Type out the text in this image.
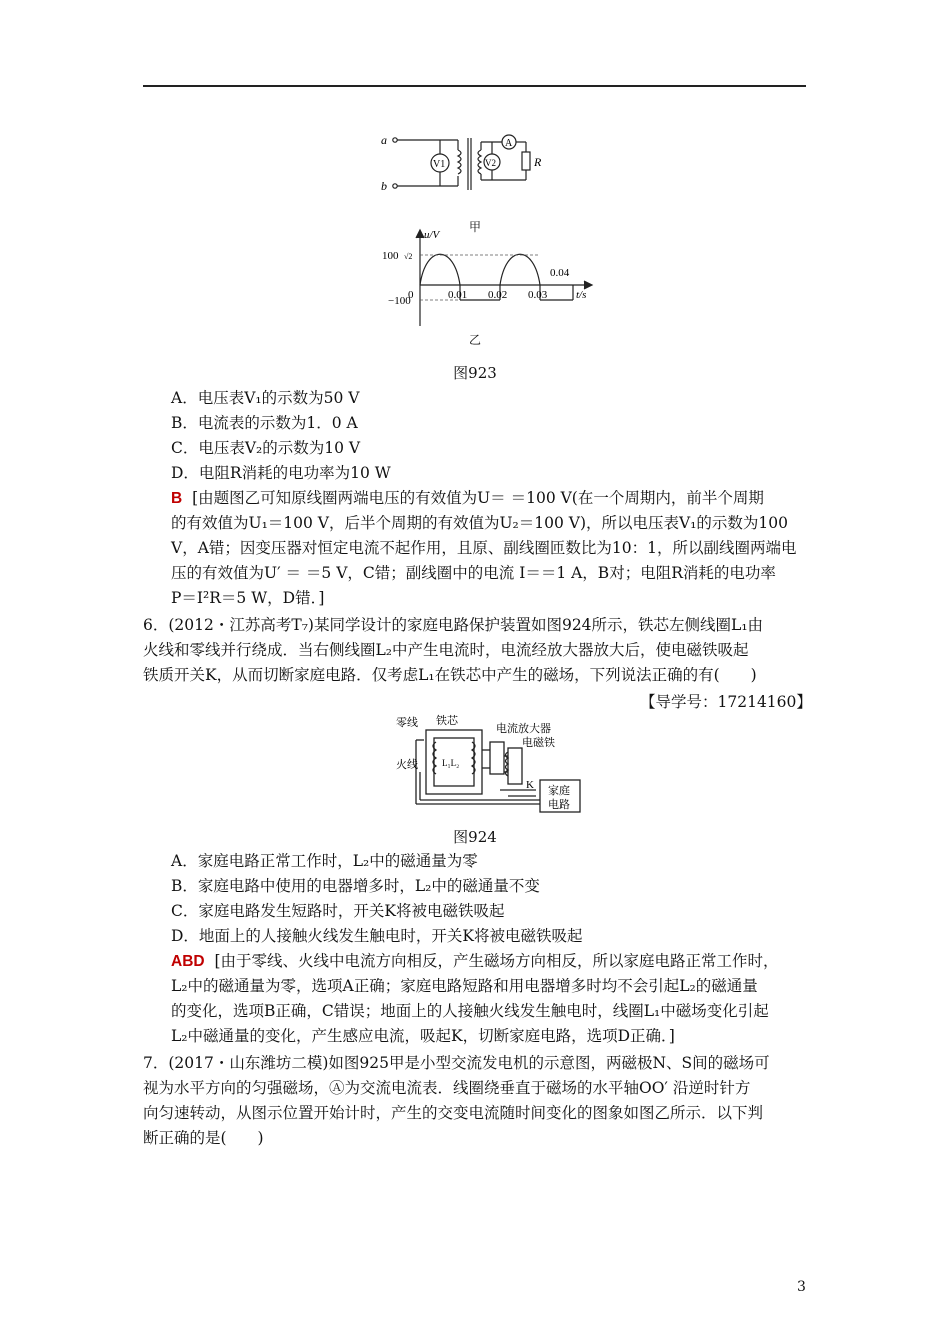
a
b
V1	V2
A
R
甲
u/V
100 √2
−100
0	0.01 0.02 0.03
0.04
t/s
乙
图923
A．电压表V₁的示数为50 V
B．电流表的示数为1．0 A
C．电压表V₂的示数为10 V
D．电阻R消耗的电功率为10 W
B [由题图乙可知原线圈两端电压的有效值为U＝ ＝100 V(在一个周期内，前半个周期
的有效值为U₁＝100 V，后半个周期的有效值为U₂＝100 V)，所以电压表V₁的示数为100
V，A错；因变压器对恒定电流不起作用，且原、副线圈匝数比为10：1，所以副线圈两端电
压的有效值为U′ ＝ ＝5 V，C错；副线圈中的电流 I＝＝1 A，B对；电阻R消耗的电功率
P＝I²R＝5 W，D错．]
6．(2012・江苏高考T₇)某同学设计的家庭电路保护装置如图924所示，铁芯左侧线圈L₁由
火线和零线并行绕成．当右侧线圈L₂中产生电流时，电流经放大器放大后，使电磁铁吸起
铁质开关K，从而切断家庭电路．仅考虑L₁在铁芯中产生的磁场，下列说法正确的有(　　)
【导学号：17214160】
零线 铁芯
电流放大器
电磁铁
火线	L₁L₂
K 家庭
电路
图924
A．家庭电路正常工作时，L₂中的磁通量为零
B．家庭电路中使用的电器增多时，L₂中的磁通量不变
C．家庭电路发生短路时，开关K将被电磁铁吸起
D．地面上的人接触火线发生触电时，开关K将被电磁铁吸起
ABD [由于零线、火线中电流方向相反，产生磁场方向相反，所以家庭电路正常工作时，
L₂中的磁通量为零，选项A正确；家庭电路短路和用电器增多时均不会引起L₂的磁通量
的变化，选项B正确，C错误；地面上的人接触火线发生触电时，线圈L₁中磁场变化引起
L₂中磁通量的变化，产生感应电流，吸起K，切断家庭电路，选项D正确．]
7．(2017・山东潍坊二模)如图925甲是小型交流发电机的示意图，两磁极N、S间的磁场可
视为水平方向的匀强磁场，Ⓐ为交流电流表．线圈绕垂直于磁场的水平轴OO′ 沿逆时针方
向匀速转动，从图示位置开始计时，产生的交变电流随时间变化的图象如图乙所示．以下判
断正确的是(　　)
3
